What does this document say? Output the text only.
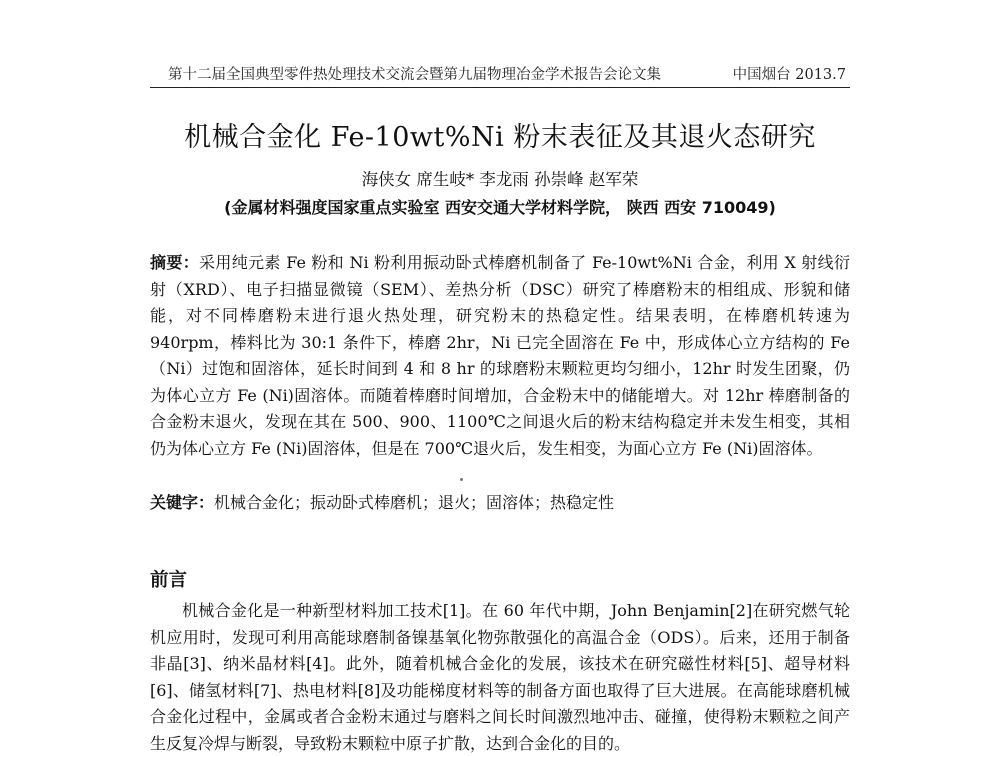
第十二届全国典型零件热处理技术交流会暨第九届物理冶金学术报告会论文集	中国烟台 2013.7
机械合金化 Fe-10wt%Ni 粉末表征及其退火态研究
海侠女 席生岐* 李龙雨 孙崇峰 赵军荣
(金属材料强度国家重点实验室 西安交通大学材料学院， 陕西 西安 710049)
摘要：采用纯元素 Fe 粉和 Ni 粉利用振动卧式棒磨机制备了 Fe-10wt%Ni 合金，利用 X 射线衍射（XRD）、电子扫描显微镜（SEM）、差热分析（DSC）研究了棒磨粉末的相组成、形貌和储能，对不同棒磨粉末进行退火热处理，研究粉末的热稳定性。结果表明，在棒磨机转速为 940rpm，棒料比为 30:1 条件下，棒磨 2hr，Ni 已完全固溶在 Fe 中，形成体心立方结构的 Fe（Ni）过饱和固溶体，延长时间到 4 和 8 hr 的球磨粉末颗粒更均匀细小，12hr 时发生团聚，仍为体心立方 Fe (Ni)固溶体。而随着棒磨时间增加，合金粉末中的储能增大。对 12hr 棒磨制备的合金粉末退火，发现在其在 500、900、1100℃之间退火后的粉末结构稳定并未发生相变，其相仍为体心立方 Fe (Ni)固溶体，但是在 700℃退火后，发生相变，为面心立方 Fe (Ni)固溶体。
关键字：机械合金化；振动卧式棒磨机；退火；固溶体；热稳定性
前言
机械合金化是一种新型材料加工技术[1]。在 60 年代中期，John Benjamin[2]在研究燃气轮机应用时，发现可利用高能球磨制备镍基氧化物弥散强化的高温合金（ODS）。后来，还用于制备非晶[3]、纳米晶材料[4]。此外，随着机械合金化的发展，该技术在研究磁性材料[5]、超导材料[6]、储氢材料[7]、热电材料[8]及功能梯度材料等的制备方面也取得了巨大进展。在高能球磨机械合金化过程中，金属或者合金粉末通过与磨料之间长时间激烈地冲击、碰撞，使得粉末颗粒之间产生反复冷焊与断裂，导致粉末颗粒中原子扩散，达到合金化的目的。
